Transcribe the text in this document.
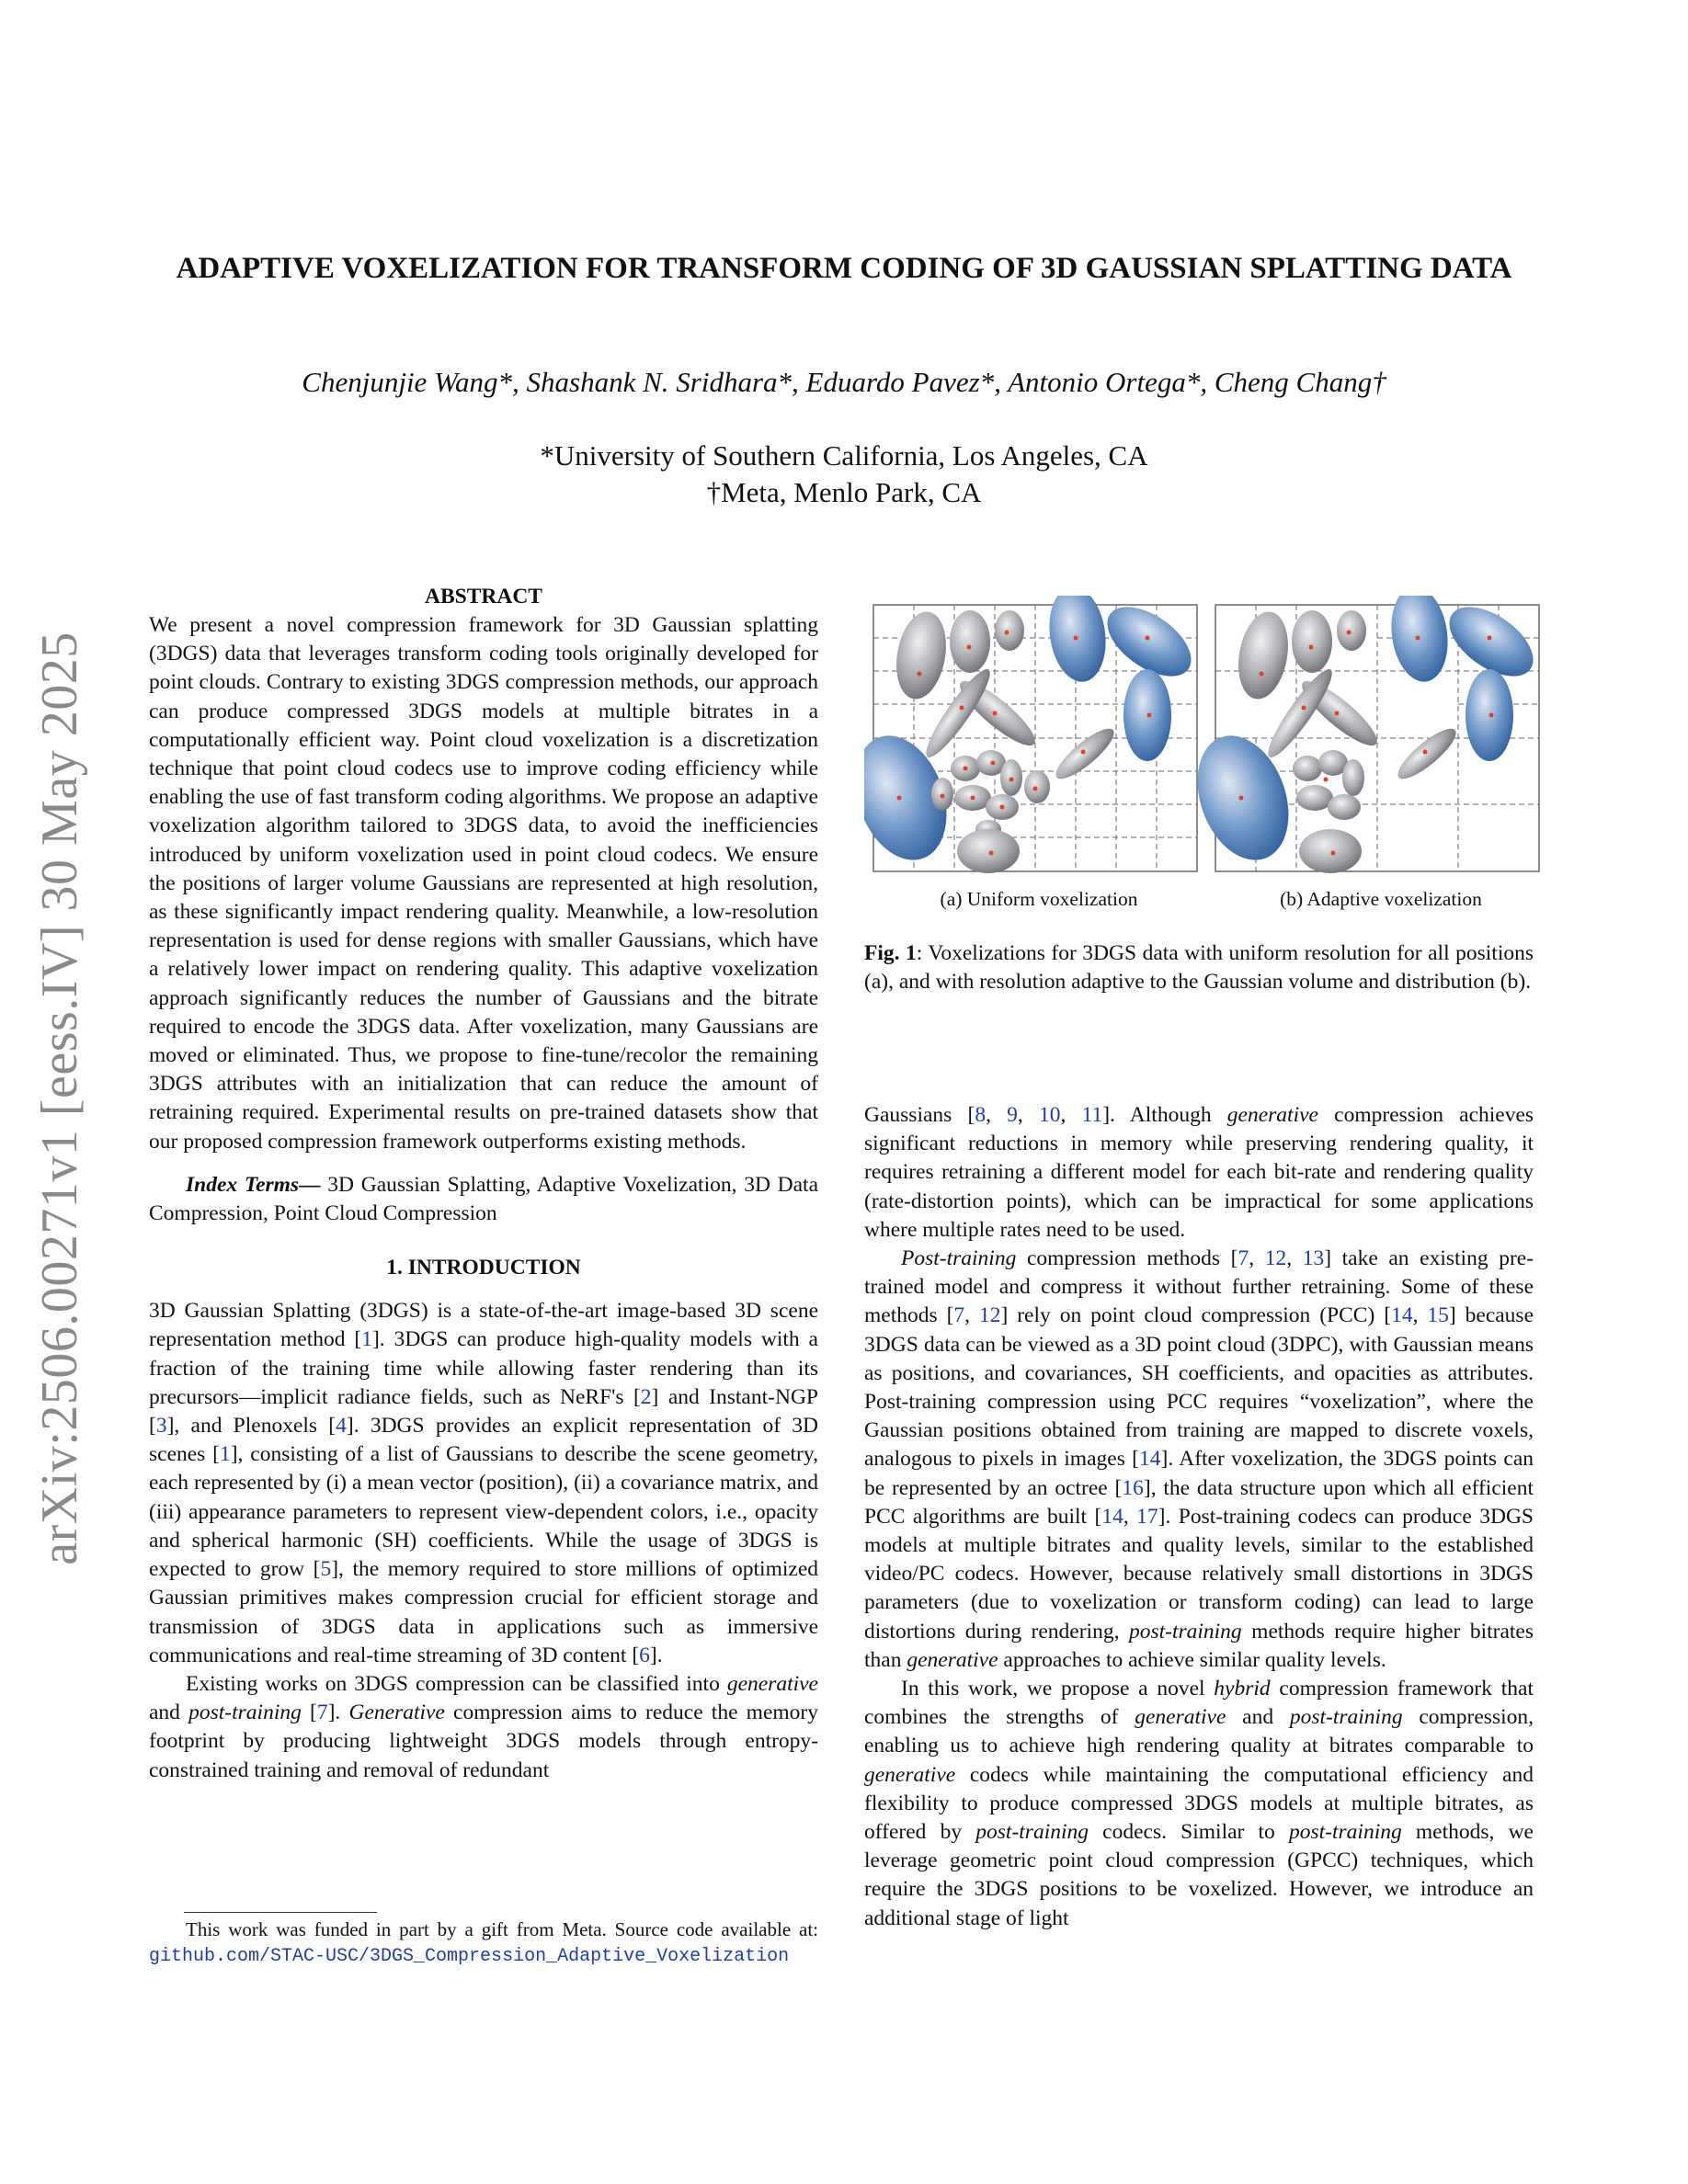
arXiv:2506.00271v1 [eess.IV] 30 May 2025
ADAPTIVE VOXELIZATION FOR TRANSFORM CODING OF 3D GAUSSIAN SPLATTING DATA
Chenjunjie Wang*, Shashank N. Sridhara*, Eduardo Pavez*, Antonio Ortega*, Cheng Chang†
*University of Southern California, Los Angeles, CA
†Meta, Menlo Park, CA
ABSTRACT

We present a novel compression framework for 3D Gaussian splatting (3DGS) data that leverages transform coding tools originally developed for point clouds. Contrary to existing 3DGS compression methods, our approach can produce compressed 3DGS models at multiple bitrates in a computationally efficient way. Point cloud voxelization is a discretization technique that point cloud codecs use to improve coding efficiency while enabling the use of fast transform coding algorithms. We propose an adaptive voxelization algorithm tailored to 3DGS data, to avoid the inefficiencies introduced by uniform voxelization used in point cloud codecs. We ensure the positions of larger volume Gaussians are represented at high resolution, as these significantly impact rendering quality. Meanwhile, a low-resolution representation is used for dense regions with smaller Gaussians, which have a relatively lower impact on rendering quality. This adaptive voxelization approach significantly reduces the number of Gaussians and the bitrate required to encode the 3DGS data. After voxelization, many Gaussians are moved or eliminated. Thus, we propose to fine-tune/recolor the remaining 3DGS attributes with an initialization that can reduce the amount of retraining required. Experimental results on pre-trained datasets show that our proposed compression framework outperforms existing methods.

Index Terms— 3D Gaussian Splatting, Adaptive Voxelization, 3D Data Compression, Point Cloud Compression

1. INTRODUCTION

3D Gaussian Splatting (3DGS) is a state-of-the-art image-based 3D scene representation method [1]. 3DGS can produce high-quality models with a fraction of the training time while allowing faster rendering than its precursors—implicit radiance fields, such as NeRF's [2] and Instant-NGP [3], and Plenoxels [4]. 3DGS provides an explicit representation of 3D scenes [1], consisting of a list of Gaussians to describe the scene geometry, each represented by (i) a mean vector (position), (ii) a covariance matrix, and (iii) appearance parameters to represent view-dependent colors, i.e., opacity and spherical harmonic (SH) coefficients. While the usage of 3DGS is expected to grow [5], the memory required to store millions of optimized Gaussian primitives makes compression crucial for efficient storage and transmission of 3DGS data in applications such as immersive communications and real-time streaming of 3D content [6].

Existing works on 3DGS compression can be classified into generative and post-training [7]. Generative compression aims to reduce the memory footprint by producing lightweight 3DGS models through entropy-constrained training and removal of redundant

(a) Uniform voxelization	(b) Adaptive voxelization
Fig. 1: Voxelizations for 3DGS data with uniform resolution for all positions (a), and with resolution adaptive to the Gaussian volume and distribution (b).

Gaussians [8, 9, 10, 11]. Although generative compression achieves significant reductions in memory while preserving rendering quality, it requires retraining a different model for each bit-rate and rendering quality (rate-distortion points), which can be impractical for some applications where multiple rates need to be used.

Post-training compression methods [7, 12, 13] take an existing pre-trained model and compress it without further retraining. Some of these methods [7, 12] rely on point cloud compression (PCC) [14, 15] because 3DGS data can be viewed as a 3D point cloud (3DPC), with Gaussian means as positions, and covariances, SH coefficients, and opacities as attributes. Post-training compression using PCC requires “voxelization”, where the Gaussian positions obtained from training are mapped to discrete voxels, analogous to pixels in images [14]. After voxelization, the 3DGS points can be represented by an octree [16], the data structure upon which all efficient PCC algorithms are built [14, 17]. Post-training codecs can produce 3DGS models at multiple bitrates and quality levels, similar to the established video/PC codecs. However, because relatively small distortions in 3DGS parameters (due to voxelization or transform coding) can lead to large distortions during rendering, post-training methods require higher bitrates than generative approaches to achieve similar quality levels.

In this work, we propose a novel hybrid compression framework that combines the strengths of generative and post-training compression, enabling us to achieve high rendering quality at bitrates comparable to generative codecs while maintaining the computational efficiency and flexibility to produce compressed 3DGS models at multiple bitrates, as offered by post-training codecs. Similar to post-training methods, we leverage geometric point cloud compression (GPCC) techniques, which require the 3DGS positions to be voxelized. However, we introduce an additional stage of light

This work was funded in part by a gift from Meta. Source code available at: github.com/STAC-USC/3DGS_Compression_Adaptive_Voxelization
